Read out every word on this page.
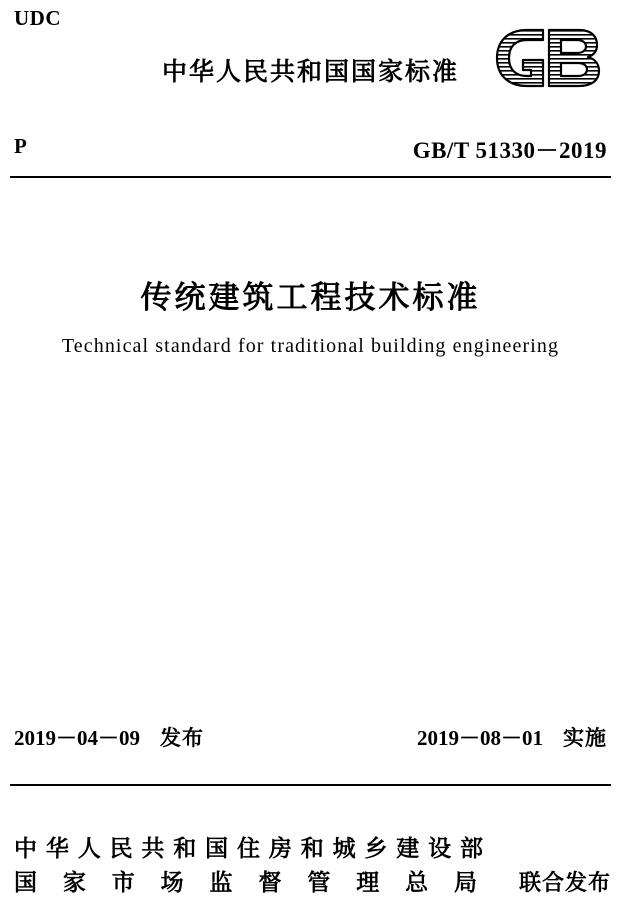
UDC
中华人民共和国国家标准
P	GB/T 51330－2019
传统建筑工程技术标准
Technical standard for traditional building engineering
2019－04－09 发布	2019－08－01 实施
中华人民共和国住房和城乡建设部
国家市场监督管理总局 联合发布
